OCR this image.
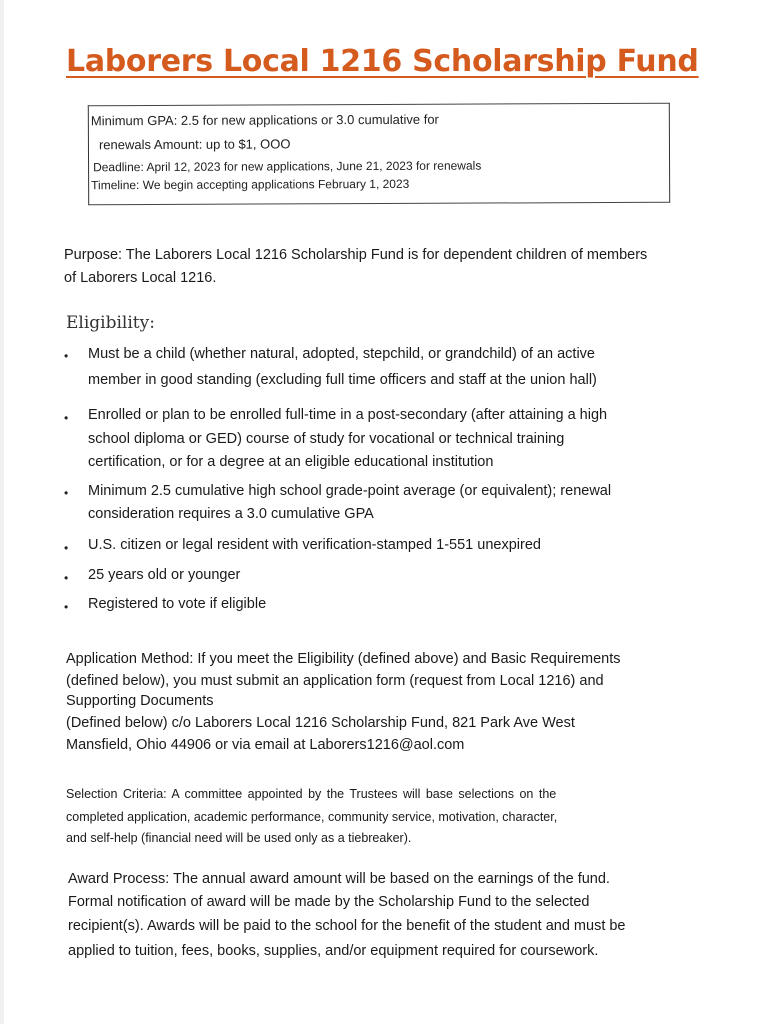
Laborers Local 1216 Scholarship Fund
Minimum GPA: 2.5 for new applications or 3.0 cumulative for
renewals Amount: up to $1, OOO
Deadline: April 12, 2023 for new applications, June 21, 2023 for renewals
Timeline: We begin accepting applications February 1, 2023
Purpose: The Laborers Local 1216 Scholarship Fund is for dependent children of members
of Laborers Local 1216.
Eligibility:
• Must be a child (whether natural, adopted, stepchild, or grandchild) of an active
member in good standing (excluding full time officers and staff at the union hall)
• Enrolled or plan to be enrolled full-time in a post-secondary (after attaining a high
school diploma or GED) course of study for vocational or technical training
certification, or for a degree at an eligible educational institution
• Minimum 2.5 cumulative high school grade-point average (or equivalent); renewal
consideration requires a 3.0 cumulative GPA
• U.S. citizen or legal resident with verification-stamped 1-551 unexpired
• 25 years old or younger
• Registered to vote if eligible
Application Method: If you meet the Eligibility (defined above) and Basic Requirements
(defined below), you must submit an application form (request from Local 1216) and
Supporting Documents
(Defined below) c/o Laborers Local 1216 Scholarship Fund, 821 Park Ave West
Mansfield, Ohio 44906 or via email at Laborers1216@aol.com
Selection Criteria: A committee appointed by the Trustees will base selections on the
completed application, academic performance, community service, motivation, character,
and self-help (financial need will be used only as a tiebreaker).
Award Process: The annual award amount will be based on the earnings of the fund.
Formal notification of award will be made by the Scholarship Fund to the selected
recipient(s). Awards will be paid to the school for the benefit of the student and must be
applied to tuition, fees, books, supplies, and/or equipment required for coursework.
